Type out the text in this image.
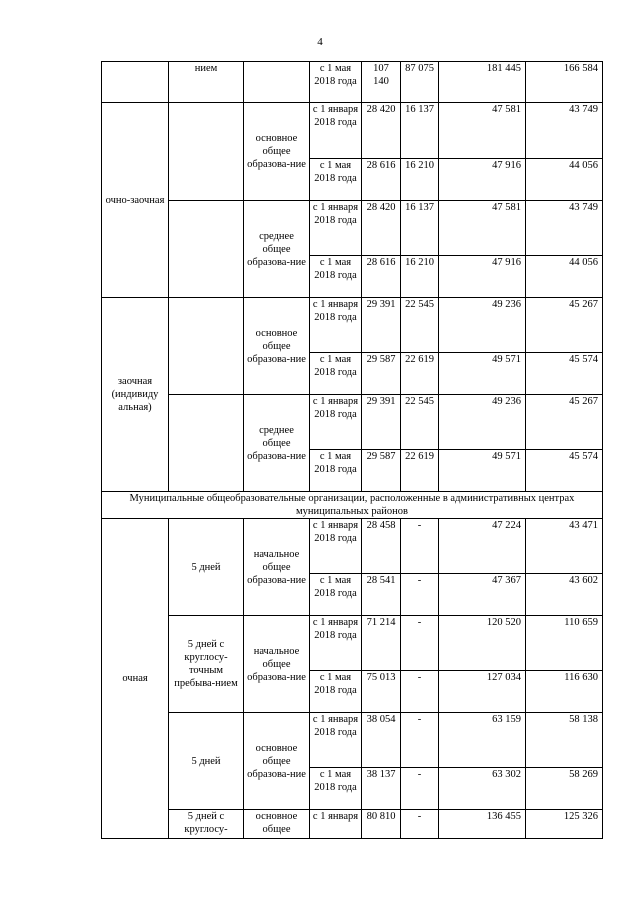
4
	нием		с 1 мая 2018 года	107 140	87 075	181 445	166 584
очно-заочная		основное общее образова-ние	с 1 января 2018 года	28 420	16 137	47 581	43 749
			с 1 мая 2018 года	28 616	16 210	47 916	44 056
		среднее общее образова-ние	с 1 января 2018 года	28 420	16 137	47 581	43 749
			с 1 мая 2018 года	28 616	16 210	47 916	44 056
заочная (индивиду альная)		основное общее образова-ние	с 1 января 2018 года	29 391	22 545	49 236	45 267
			с 1 мая 2018 года	29 587	22 619	49 571	45 574
		среднее общее образова-ние	с 1 января 2018 года	29 391	22 545	49 236	45 267
			с 1 мая 2018 года	29 587	22 619	49 571	45 574
Муниципальные общеобразовательные организации, расположенные в административных центрах муниципальных районов							
очная	5 дней	начальное общее образова-ние	с 1 января 2018 года	28 458	-	47 224	43 471
			с 1 мая 2018 года	28 541	-	47 367	43 602
	5 дней с круглосу-точным пребыва-нием	начальное общее образова-ние	с 1 января 2018 года	71 214	-	120 520	110 659
			с 1 мая 2018 года	75 013	-	127 034	116 630
	5 дней	основное общее образова-ние	с 1 января 2018 года	38 054	-	63 159	58 138
			с 1 мая 2018 года	38 137	-	63 302	58 269
	5 дней с круглосу-	основное общее	с 1 января	80 810	-	136 455	125 326
